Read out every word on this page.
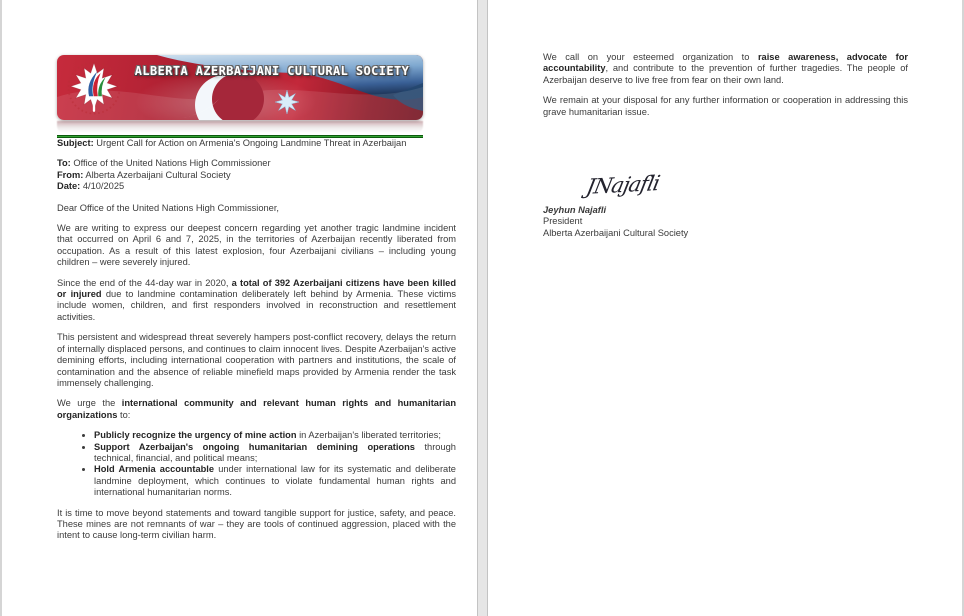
ALBERTA AZERBAIJANI CULTURAL SOCIETY

Subject: Urgent Call for Action on Armenia's Ongoing Landmine Threat in Azerbaijan

To: Office of the United Nations High Commissioner

From: Alberta Azerbaijani Cultural Society

Date: 4/10/2025

Dear Office of the United Nations High Commissioner,

We are writing to express our deepest concern regarding yet another tragic landmine incident that occurred on April 6 and 7, 2025, in the territories of Azerbaijan recently liberated from occupation. As a result of this latest explosion, four Azerbaijani civilians – including young children – were severely injured.

Since the end of the 44-day war in 2020, a total of 392 Azerbaijani citizens have been killed or injured due to landmine contamination deliberately left behind by Armenia. These victims include women, children, and first responders involved in reconstruction and resettlement activities.

This persistent and widespread threat severely hampers post-conflict recovery, delays the return of internally displaced persons, and continues to claim innocent lives. Despite Azerbaijan's active demining efforts, including international cooperation with partners and institutions, the scale of contamination and the absence of reliable minefield maps provided by Armenia render the task immensely challenging.

We urge the international community and relevant human rights and humanitarian organizations to:

• Publicly recognize the urgency of mine action in Azerbaijan's liberated territories;
• Support Azerbaijan's ongoing humanitarian demining operations through technical, financial, and political means;
• Hold Armenia accountable under international law for its systematic and deliberate landmine deployment, which continues to violate fundamental human rights and international humanitarian norms.

It is time to move beyond statements and toward tangible support for justice, safety, and peace. These mines are not remnants of war – they are tools of continued aggression, placed with the intent to cause long-term civilian harm.

We call on your esteemed organization to raise awareness, advocate for accountability, and contribute to the prevention of further tragedies. The people of Azerbaijan deserve to live free from fear on their own land.

We remain at your disposal for any further information or cooperation in addressing this grave humanitarian issue.

JNajafli
Jeyhun Najafli
President
Alberta Azerbaijani Cultural Society
